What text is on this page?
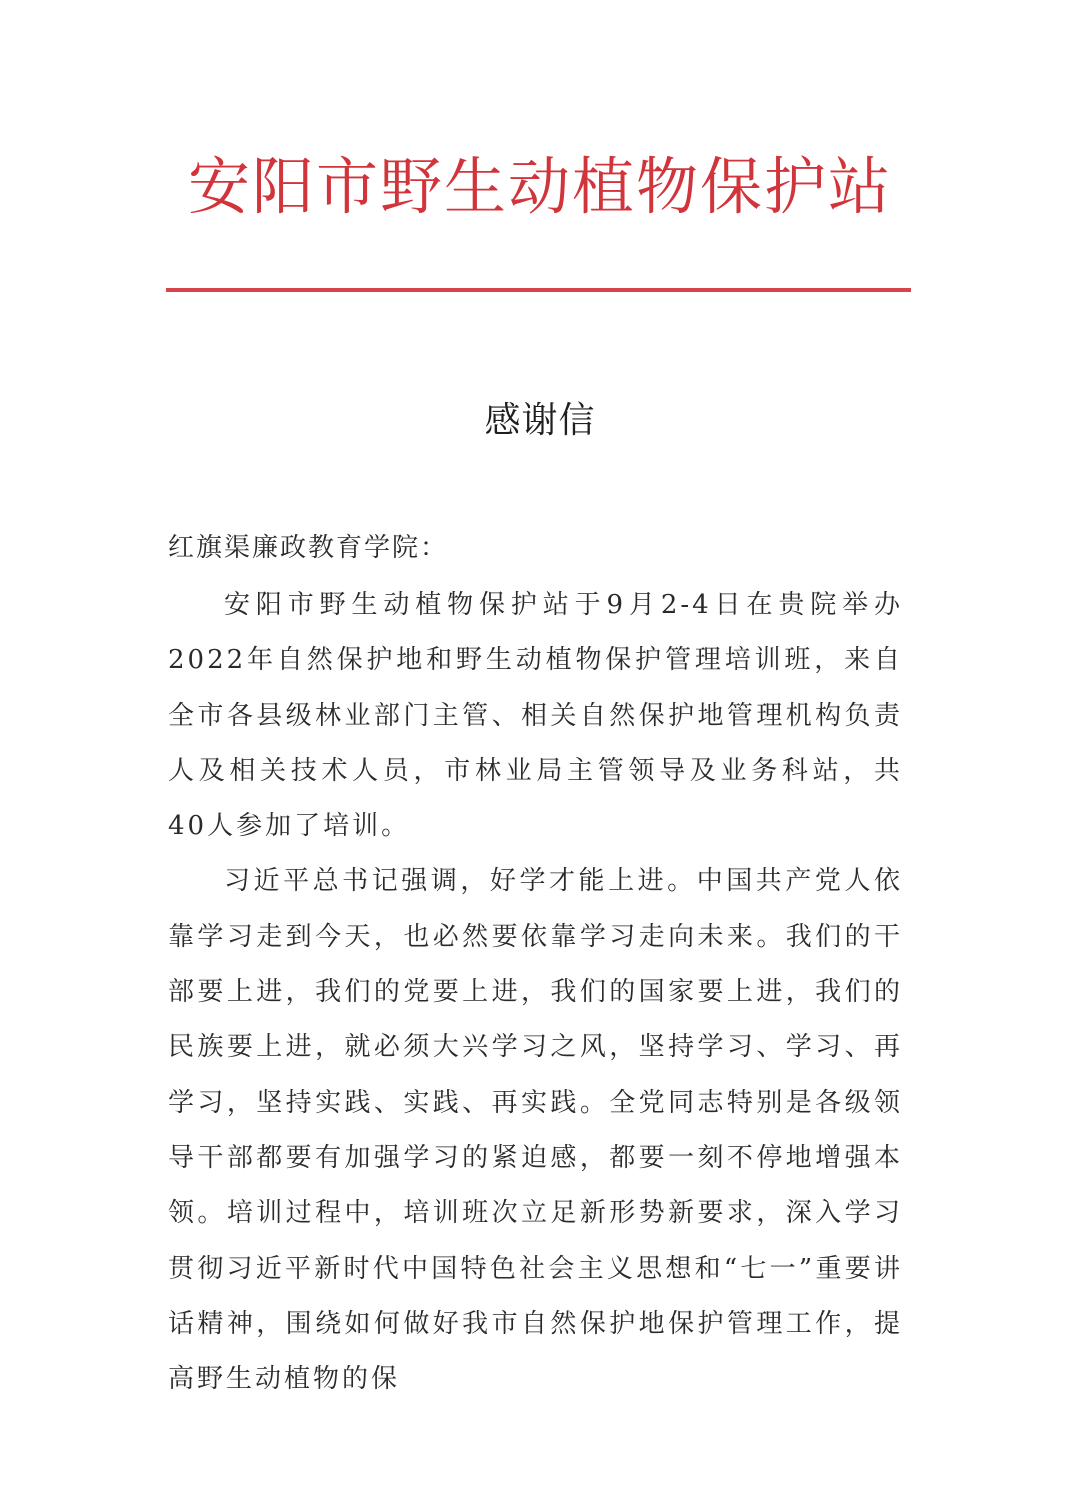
安阳市野生动植物保护站
感谢信
红旗渠廉政教育学院：

安阳市野生动植物保护站于9月2-4日在贵院举办2022年自然保护地和野生动植物保护管理培训班，来自全市各县级林业部门主管、相关自然保护地管理机构负责人及相关技术人员，市林业局主管领导及业务科站，共40人参加了培训。

习近平总书记强调，好学才能上进。中国共产党人依靠学习走到今天，也必然要依靠学习走向未来。我们的干部要上进，我们的党要上进，我们的国家要上进，我们的民族要上进，就必须大兴学习之风，坚持学习、学习、再学习，坚持实践、实践、再实践。全党同志特别是各级领导干部都要有加强学习的紧迫感，都要一刻不停地增强本领。培训过程中，培训班次立足新形势新要求，深入学习贯彻习近平新时代中国特色社会主义思想和“七一”重要讲话精神，围绕如何做好我市自然保护地保护管理工作，提高野生动植物的保
